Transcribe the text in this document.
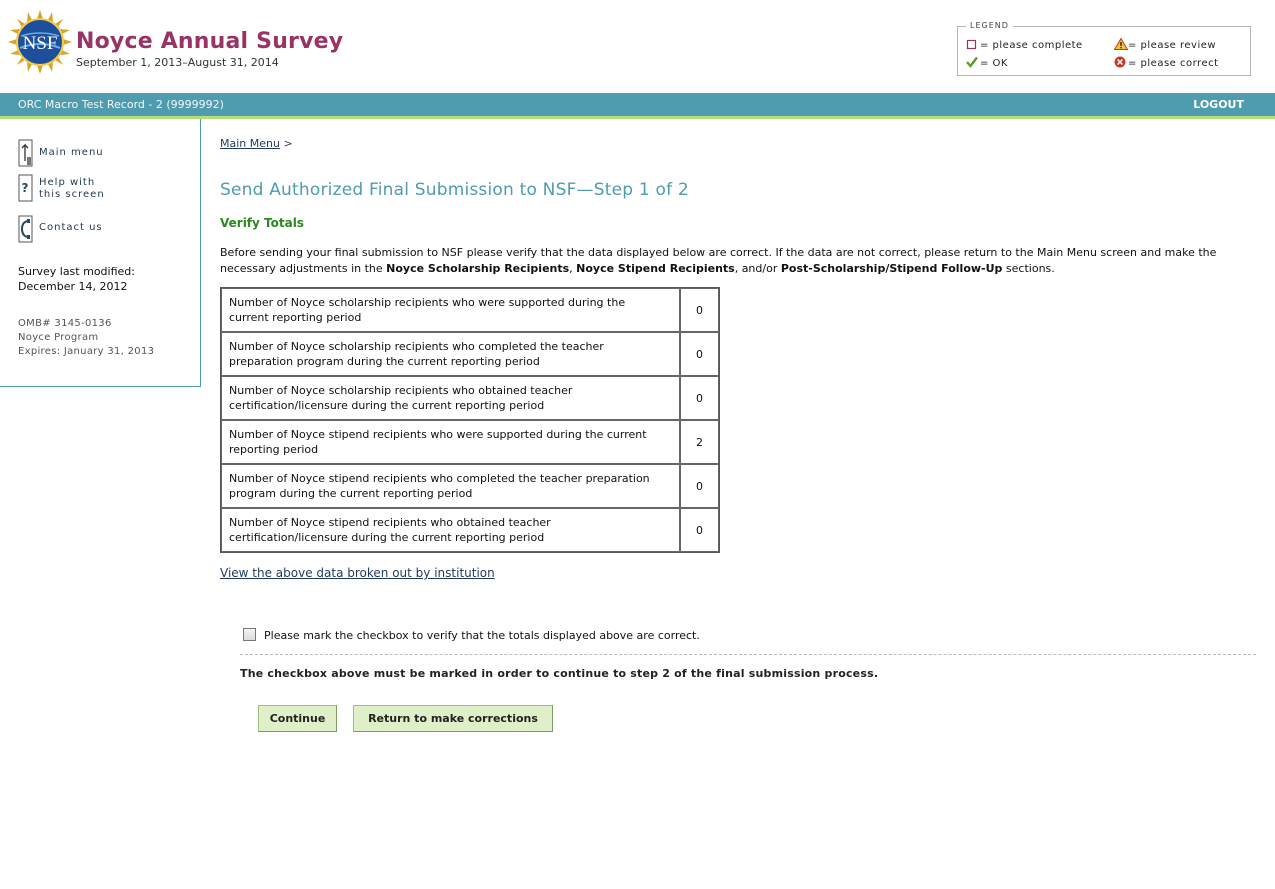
NSF Noyce Annual Survey
September 1, 2013–August 31, 2014
LEGEND
= please complete	= please review
= OK	= please correct
ORC Macro Test Record - 2 (9999992)	LOGOUT
Main menu
? Help with
this screen
Contact us
Survey last modified:
December 14, 2012
OMB# 3145-0136
Noyce Program
Expires: January 31, 2013
Main Menu >
Send Authorized Final Submission to NSF—Step 1 of 2
Verify Totals
Before sending your final submission to NSF please verify that the data displayed below are correct. If the data are not correct, please return to the Main Menu screen and make the necessary adjustments in the Noyce Scholarship Recipients, Noyce Stipend Recipients, and/or Post-Scholarship/Stipend Follow-Up sections.
Number of Noyce scholarship recipients who were supported during the current reporting period	0
Number of Noyce scholarship recipients who completed the teacher preparation program during the current reporting period	0
Number of Noyce scholarship recipients who obtained teacher certification/licensure during the current reporting period	0
Number of Noyce stipend recipients who were supported during the current reporting period	2
Number of Noyce stipend recipients who completed the teacher preparation program during the current reporting period	0
Number of Noyce stipend recipients who obtained teacher certification/licensure during the current reporting period	0
View the above data broken out by institution
Please mark the checkbox to verify that the totals displayed above are correct.
The checkbox above must be marked in order to continue to step 2 of the final submission process.
Continue	Return to make corrections
